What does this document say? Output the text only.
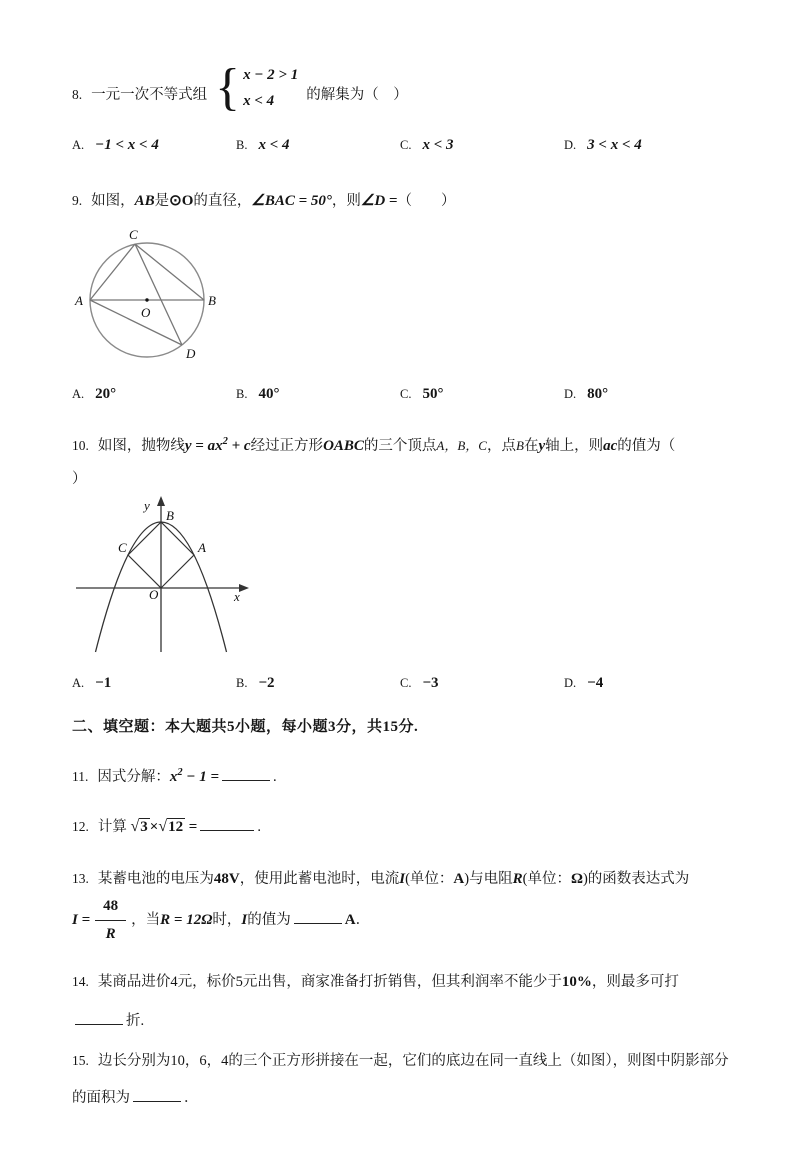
8. 一元一次不等式组 { x − 2 > 1
x < 4	的解集为（　）
A. −1 < x < 4	B. x < 4	C. x < 3	D. 3 < x < 4
9. 如图，AB是⊙O的直径，∠BAC = 50°，则∠D =（　　）
A	B
C
D
O
A. 20°	B. 40°	C. 50°	D. 80°
10. 如图，抛物线$y = ax^2 + c$经过正方形OABC的三个顶点A，B，C，点B在y轴上，则ac的值为（
）
y
x
B
A
C
O
A. −1	B. −2	C. −3	D. −4
二、填空题：本大题共5小题，每小题3分，共15分.
11. 因式分解：$x^2 - 1$ =	.
12. 计算 √3 ×√12 =	.
13. 某蓄电池的电压为48V，使用此蓄电池时，电流I(单位：A)与电阻R(单位：Ω)的函数表达式为
$I = \frac{48}{R}$ ，当R = 12Ω时，I的值为	A．
14. 某商品进价4元，标价5元出售，商家准备打折销售，但其利润率不能少于10%，则最多可打
折.
15. 边长分别为10，6，4的三个正方形拼接在一起，它们的底边在同一直线上（如图），则图中阴影部分
的面积为	．
